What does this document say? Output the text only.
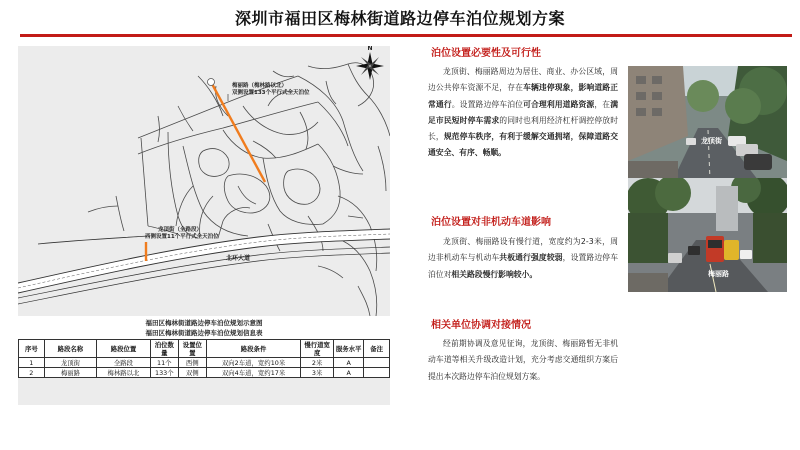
深圳市福田区梅林街道路边停车泊位规划方案
梅丽路（梅林路以北）
双侧设置133个平行式全天泊位
龙顶街（全路段）
西侧设置11个平行式全天泊位
北环大道
N
福田区梅林街道路边停车泊位规划示意图
福田区梅林街道路边停车泊位规划信息表
序号	路段名称	路段位置	泊位数量	设置位置	路段条件	慢行道宽度	服务水平	备注
1	龙顶街	全路段	11个	西侧	双向2车道，宽约10米	2米	A	
2	梅丽路	梅林路以北	133个	双侧	双向4车道，宽约17米	3米	A	
泊位设置必要性及可行性
龙顶街、梅丽路周边为居住、商业、办公区域，周边公共停车资源不足，存在车辆违停现象，影响道路正常通行。设置路边停车泊位可合理利用道路资源，在满足市民短时停车需求的同时也利用经济杠杆调控停放时长，规范停车秩序，有利于缓解交通拥堵，保障道路交通安全、有序、畅顺。
泊位设置对非机动车道影响
龙顶街、梅丽路设有慢行道，宽度约为2-3米，周边非机动车与机动车共板通行强度较弱，设置路边停车泊位对相关路段慢行影响较小。
相关单位协调对接情况
经前期协调及意见征询，龙顶街、梅丽路暂无非机动车道等相关升级改造计划，充分考虑交通组织方案后提出本次路边停车泊位规划方案。
龙顶街
梅丽路
